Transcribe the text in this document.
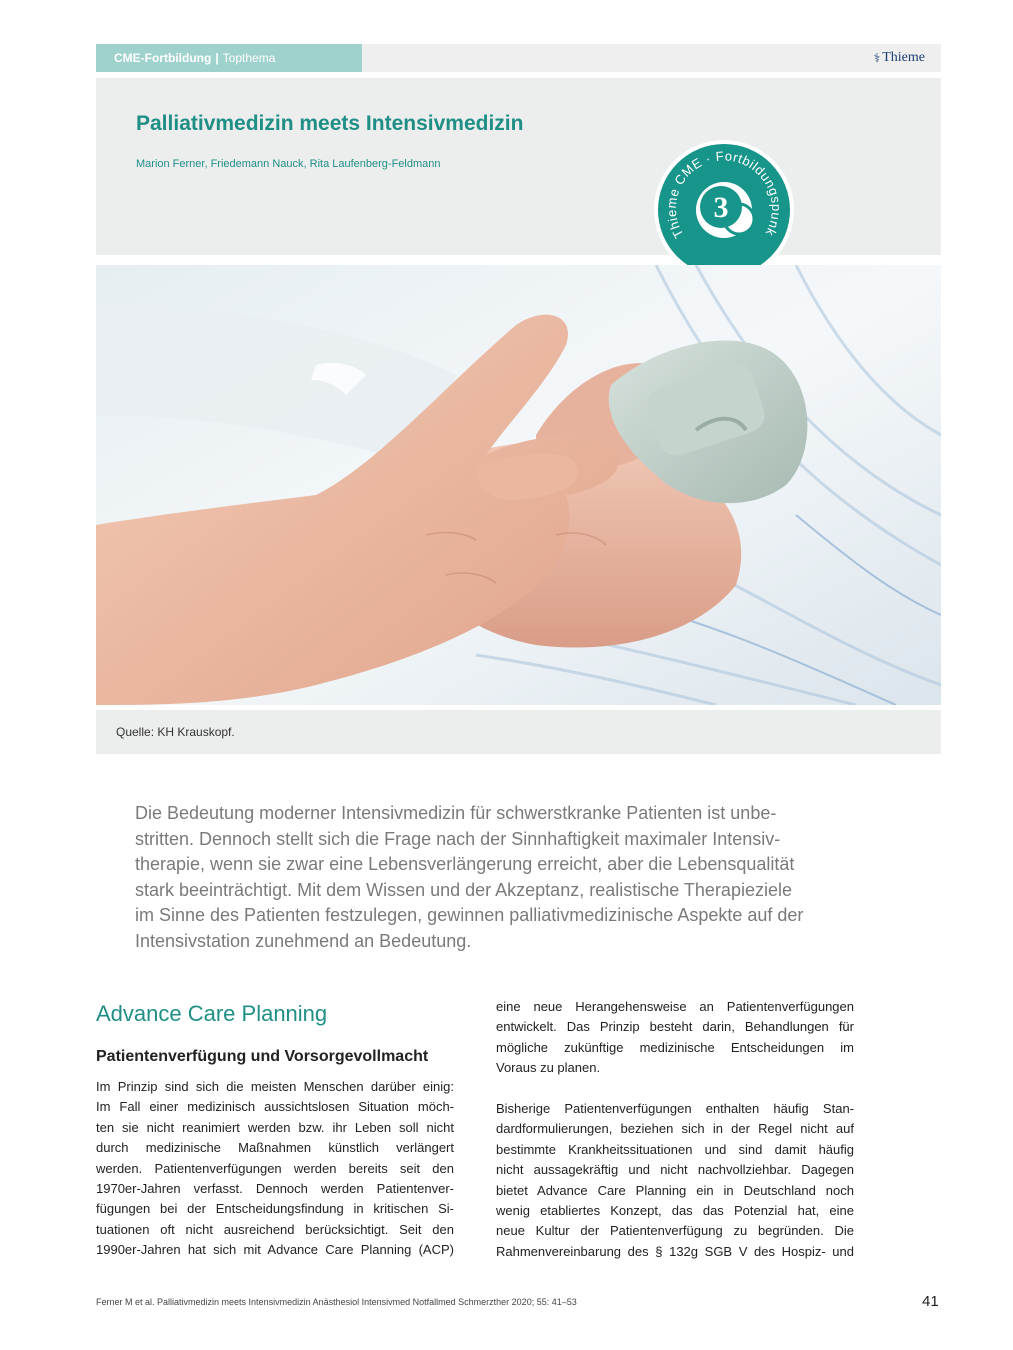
CME-Fortbildung | Topthema	⚕ Thieme
Palliativmedizin meets Intensivmedizin
Marion Ferner, Friedemann Nauck, Rita Laufenberg-Feldmann
Thieme CME · Fortbildungspunk
3
Quelle: KH Krauskopf.

Die Bedeutung moderner Intensivmedizin für schwerstkranke Patienten ist unbe-
stritten. Dennoch stellt sich die Frage nach der Sinnhaftigkeit maximaler Intensiv-
therapie, wenn sie zwar eine Lebensverlängerung erreicht, aber die Lebensqualität
stark beeinträchtigt. Mit dem Wissen und der Akzeptanz, realistische Therapieziele
im Sinne des Patienten festzulegen, gewinnen palliativmedizinische Aspekte auf der
Intensivstation zunehmend an Bedeutung.

Advance Care Planning
Patientenverfügung und Vorsorgevollmacht
Im Prinzip sind sich die meisten Menschen darüber einig:
Im Fall einer medizinisch aussichtslosen Situation möch-
ten sie nicht reanimiert werden bzw. ihr Leben soll nicht
durch medizinische Maßnahmen künstlich verlängert
werden. Patientenverfügungen werden bereits seit den
1970er-Jahren verfasst. Dennoch werden Patientenver-
fügungen bei der Entscheidungsfindung in kritischen Si-
tuationen oft nicht ausreichend berücksichtigt. Seit den
1990er-Jahren hat sich mit Advance Care Planning (ACP)
eine neue Herangehensweise an Patientenverfügungen
entwickelt. Das Prinzip besteht darin, Behandlungen für
mögliche zukünftige medizinische Entscheidungen im
Voraus zu planen.
Bisherige Patientenverfügungen enthalten häufig Stan-
dardformulierungen, beziehen sich in der Regel nicht auf
bestimmte Krankheitssituationen und sind damit häufig
nicht aussagekräftig und nicht nachvollziehbar. Dagegen
bietet Advance Care Planning ein in Deutschland noch
wenig etabliertes Konzept, das das Potenzial hat, eine
neue Kultur der Patientenverfügung zu begründen. Die
Rahmenvereinbarung des § 132g SGB V des Hospiz- und
Ferner M et al. Palliativmedizin meets Intensivmedizin Anästhesiol Intensivmed Notfallmed Schmerzther 2020; 55: 41–53	41
